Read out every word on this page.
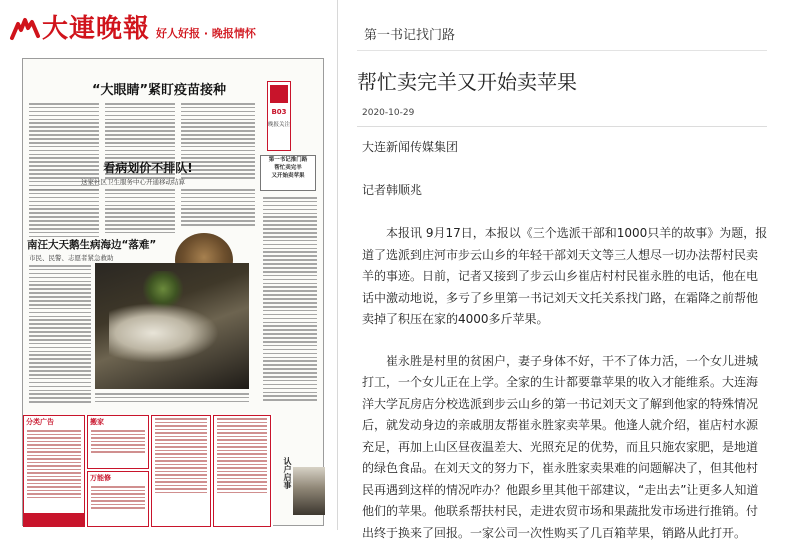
大連晚報 好人好报 · 晚报情怀
“大眼睛”紧盯疫苗接种
B03
晚报关注
第一书记推门路
帮忙卖完羊
又开始卖苹果
看病划价不排队!
这家社区卫生服务中心开通移动结算
南汪大天鹅生病海边“落难”
市民、民警、志愿者紧急救助
分类广告	搬家
万能修	认户启事
第一书记找门路
帮忙卖完羊又开始卖苹果
2020-10-29

大连新闻传媒集团

记者韩顺兆

本报讯 9月17日，本报以《三个选派干部和1000只羊的故事》为题，报道了选派到庄河市步云山乡的年轻干部刘天文等三人想尽一切办法帮村民卖羊的事迹。日前，记者又接到了步云山乡崔店村村民崔永胜的电话，他在电话中激动地说，多亏了乡里第一书记刘天文托关系找门路，在霜降之前帮他卖掉了积压在家的4000多斤苹果。

崔永胜是村里的贫困户，妻子身体不好，干不了体力活，一个女儿进城打工，一个女儿正在上学。全家的生计都要靠苹果的收入才能维系。大连海洋大学瓦房店分校选派到步云山乡的第一书记刘天文了解到他家的特殊情况后，就发动身边的亲戚朋友帮崔永胜家卖苹果。他逢人就介绍，崔店村水源充足，再加上山区昼夜温差大、光照充足的优势，而且只施农家肥，是地道的绿色食品。在刘天文的努力下，崔永胜家卖果难的问题解决了，但其他村民再遇到这样的情况咋办？他跟乡里其他干部建议，“走出去”让更多人知道他们的苹果。他联系帮扶村民，走进农贸市场和果蔬批发市场进行推销。付出终于换来了回报。一家公司一次性购买了几百箱苹果，销路从此打开。
